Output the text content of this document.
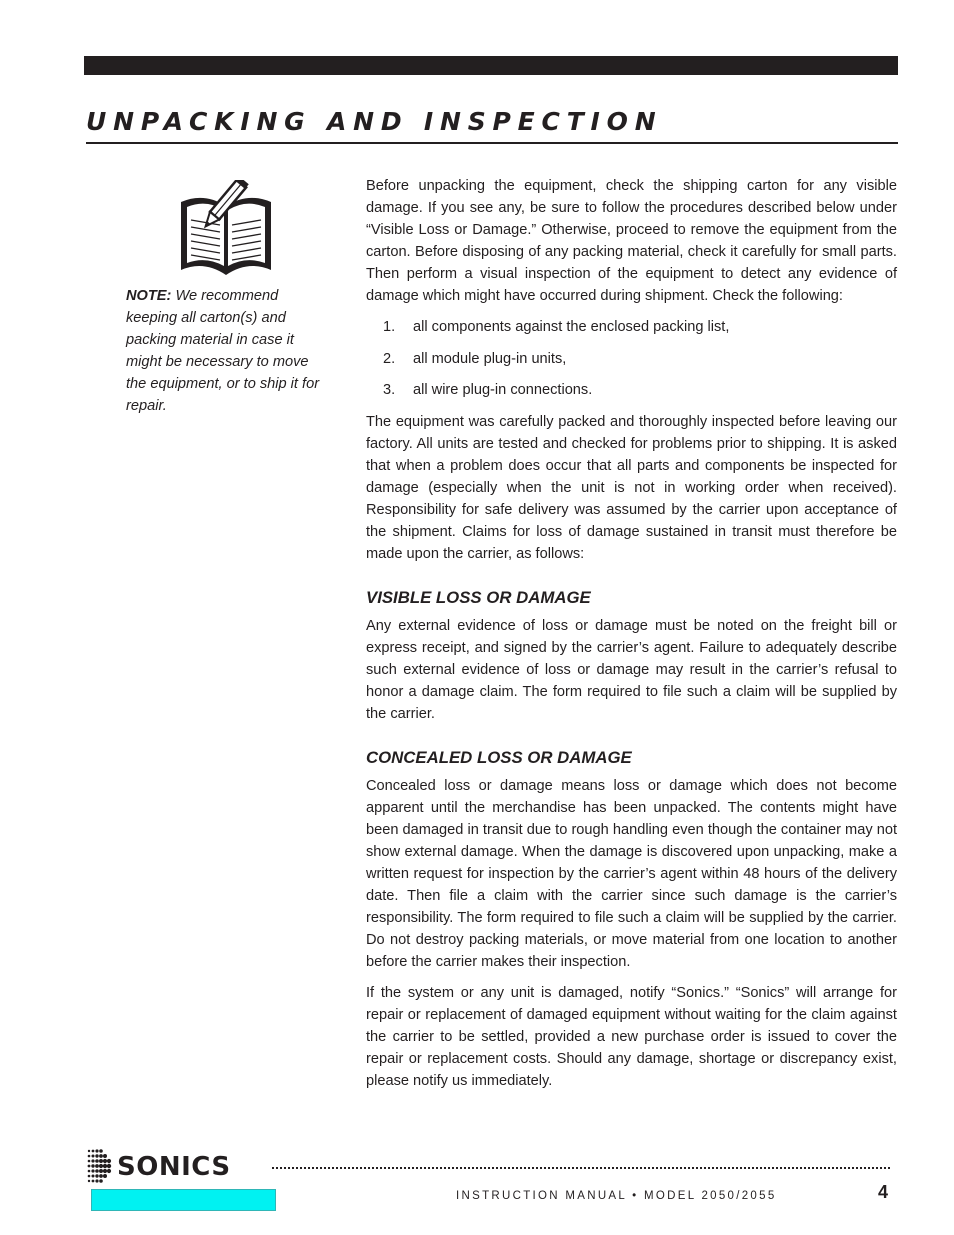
UNPACKING AND INSPECTION
NOTE: We recommend keeping all carton(s) and packing material in case it might be necessary to move the equipment, or to ship it for repair.

Before unpacking the equipment, check the shipping carton for any visible damage. If you see any, be sure to follow the procedures described below under “Visible Loss or Damage.” Otherwise, proceed to remove the equipment from the carton. Before disposing of any packing material, check it carefully for small parts. Then perform a visual inspection of the equipment to detect any evidence of damage which might have occurred during shipment. Check the following:

1.	all components against the enclosed packing list,
2.	all module plug-in units,
3.	all wire plug-in connections.

The equipment was carefully packed and thoroughly inspected before leaving our factory. All units are tested and checked for problems prior to shipping. It is asked that when a problem does occur that all parts and components be inspected for damage (especially when the unit is not in working order when received). Responsibility for safe delivery was assumed by the carrier upon acceptance of the shipment. Claims for loss of damage sustained in transit must therefore be made upon the carrier, as follows:

VISIBLE LOSS OR DAMAGE

Any external evidence of loss or damage must be noted on the freight bill or express receipt, and signed by the carrier’s agent. Failure to adequately describe such external evidence of loss or damage may result in the carrier’s refusal to honor a damage claim. The form required to file such a claim will be supplied by the carrier.

CONCEALED LOSS OR DAMAGE

Concealed loss or damage means loss or damage which does not become apparent until the merchandise has been unpacked. The contents might have been damaged in transit due to rough handling even though the container may not show external damage. When the damage is discovered upon unpacking, make a written request for inspection by the carrier’s agent within 48 hours of the delivery date. Then file a claim with the carrier since such damage is the carrier’s responsibility. The form required to file such a claim will be supplied by the carrier. Do not destroy packing materials, or move material from one location to another before the carrier makes their inspection.

If the system or any unit is damaged, notify “Sonics.” “Sonics” will arrange for repair or replacement of damaged equipment without waiting for the claim against the carrier to be settled, provided a new purchase order is issued to cover the repair or replacement costs. Should any damage, shortage or discrepancy exist, please notify us immediately.

SONICS
INSTRUCTION MANUAL • MODEL 2050/2055	4
